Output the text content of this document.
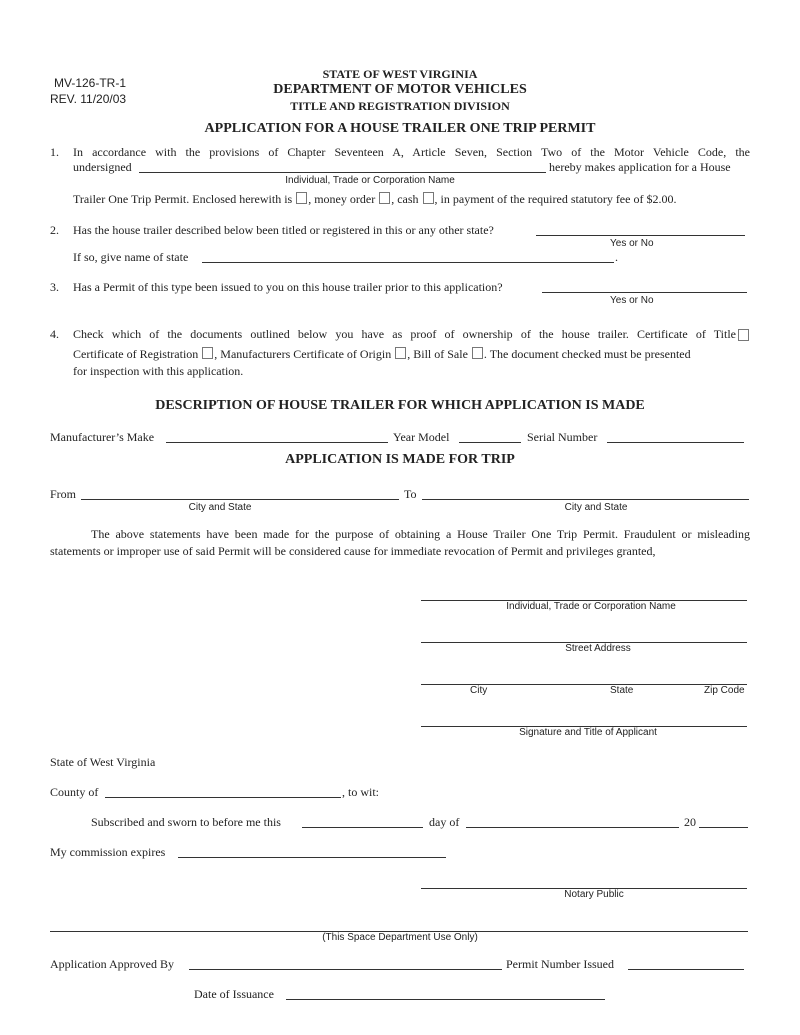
MV-126-TR-1
REV. 11/20/03
STATE OF WEST VIRGINIA
DEPARTMENT OF MOTOR VEHICLES
TITLE AND REGISTRATION DIVISION
APPLICATION FOR A HOUSE TRAILER ONE TRIP PERMIT
1. In accordance with the provisions of Chapter Seventeen A, Article Seven, Section Two of the Motor Vehicle Code, the
undersigned	hereby makes application for a House
Individual, Trade or Corporation Name
Trailer One Trip Permit. Enclosed herewith is , money order , cash , in payment of the required statutory fee of $2.00.
2. Has the house trailer described below been titled or registered in this or any other state?
Yes or No
If so, give name of state	.
3. Has a Permit of this type been issued to you on this house trailer prior to this application?
Yes or No
4. Check which of the documents outlined below you have as proof of ownership of the house trailer. Certificate of Title
Certificate of Registration , Manufacturers Certificate of Origin , Bill of Sale . The document checked must be presented
for inspection with this application.
DESCRIPTION OF HOUSE TRAILER FOR WHICH APPLICATION IS MADE
Manufacturer’s Make	Year Model	Serial Number
APPLICATION IS MADE FOR TRIP
From
City and State
To
City and State
The above statements have been made for the purpose of obtaining a House Trailer One Trip Permit. Fraudulent or misleading statements or improper use of said Permit will be considered cause for immediate revocation of Permit and privileges granted,
Individual, Trade or Corporation Name
Street Address
City	State	Zip Code
Signature and Title of Applicant
State of West Virginia
County of	, to wit:
Subscribed and sworn to before me this	day of	20
My commission expires
Notary Public
(This Space Department Use Only)
Application Approved By	Permit Number Issued
Date of Issuance
